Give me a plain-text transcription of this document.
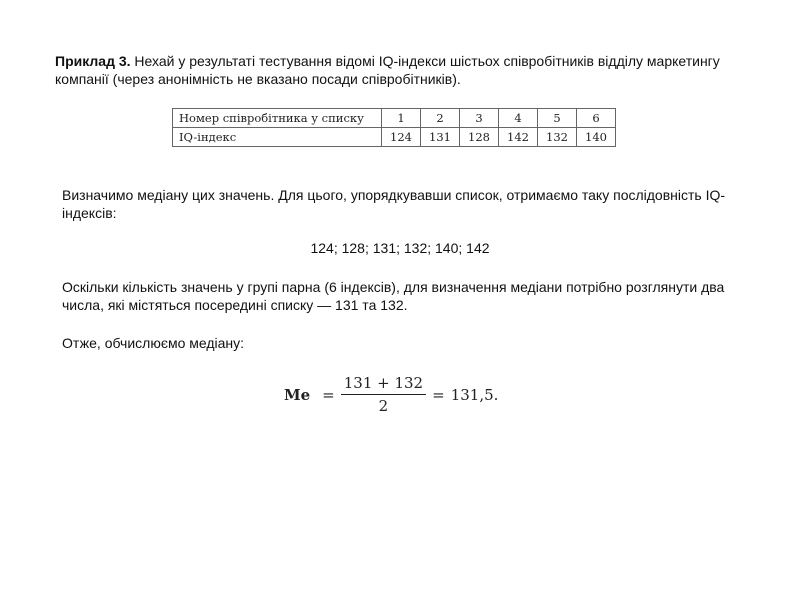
Приклад 3. Нехай у результаті тестування відомі IQ-індекси шістьох співробітників відділу маркетингу компанії (через анонімність не вказано посади співробітників).

Номер співробітника у списку	1	2	3	4	5	6
IQ-індекс	124	131	128	142	132	140

Визначимо медіану цих значень. Для цього, упорядкувавши список, отримаємо таку послідовність IQ-індексів:

124; 128; 131; 132; 140; 142

Оскільки кількість значень у групі парна (6 індексів), для визначення медіани потрібно розглянути два числа, які містяться посередині списку — 131 та 132.

Отже, обчислюємо медіану:

$Me = \frac{131 + 132}{2} = 131,5$.
